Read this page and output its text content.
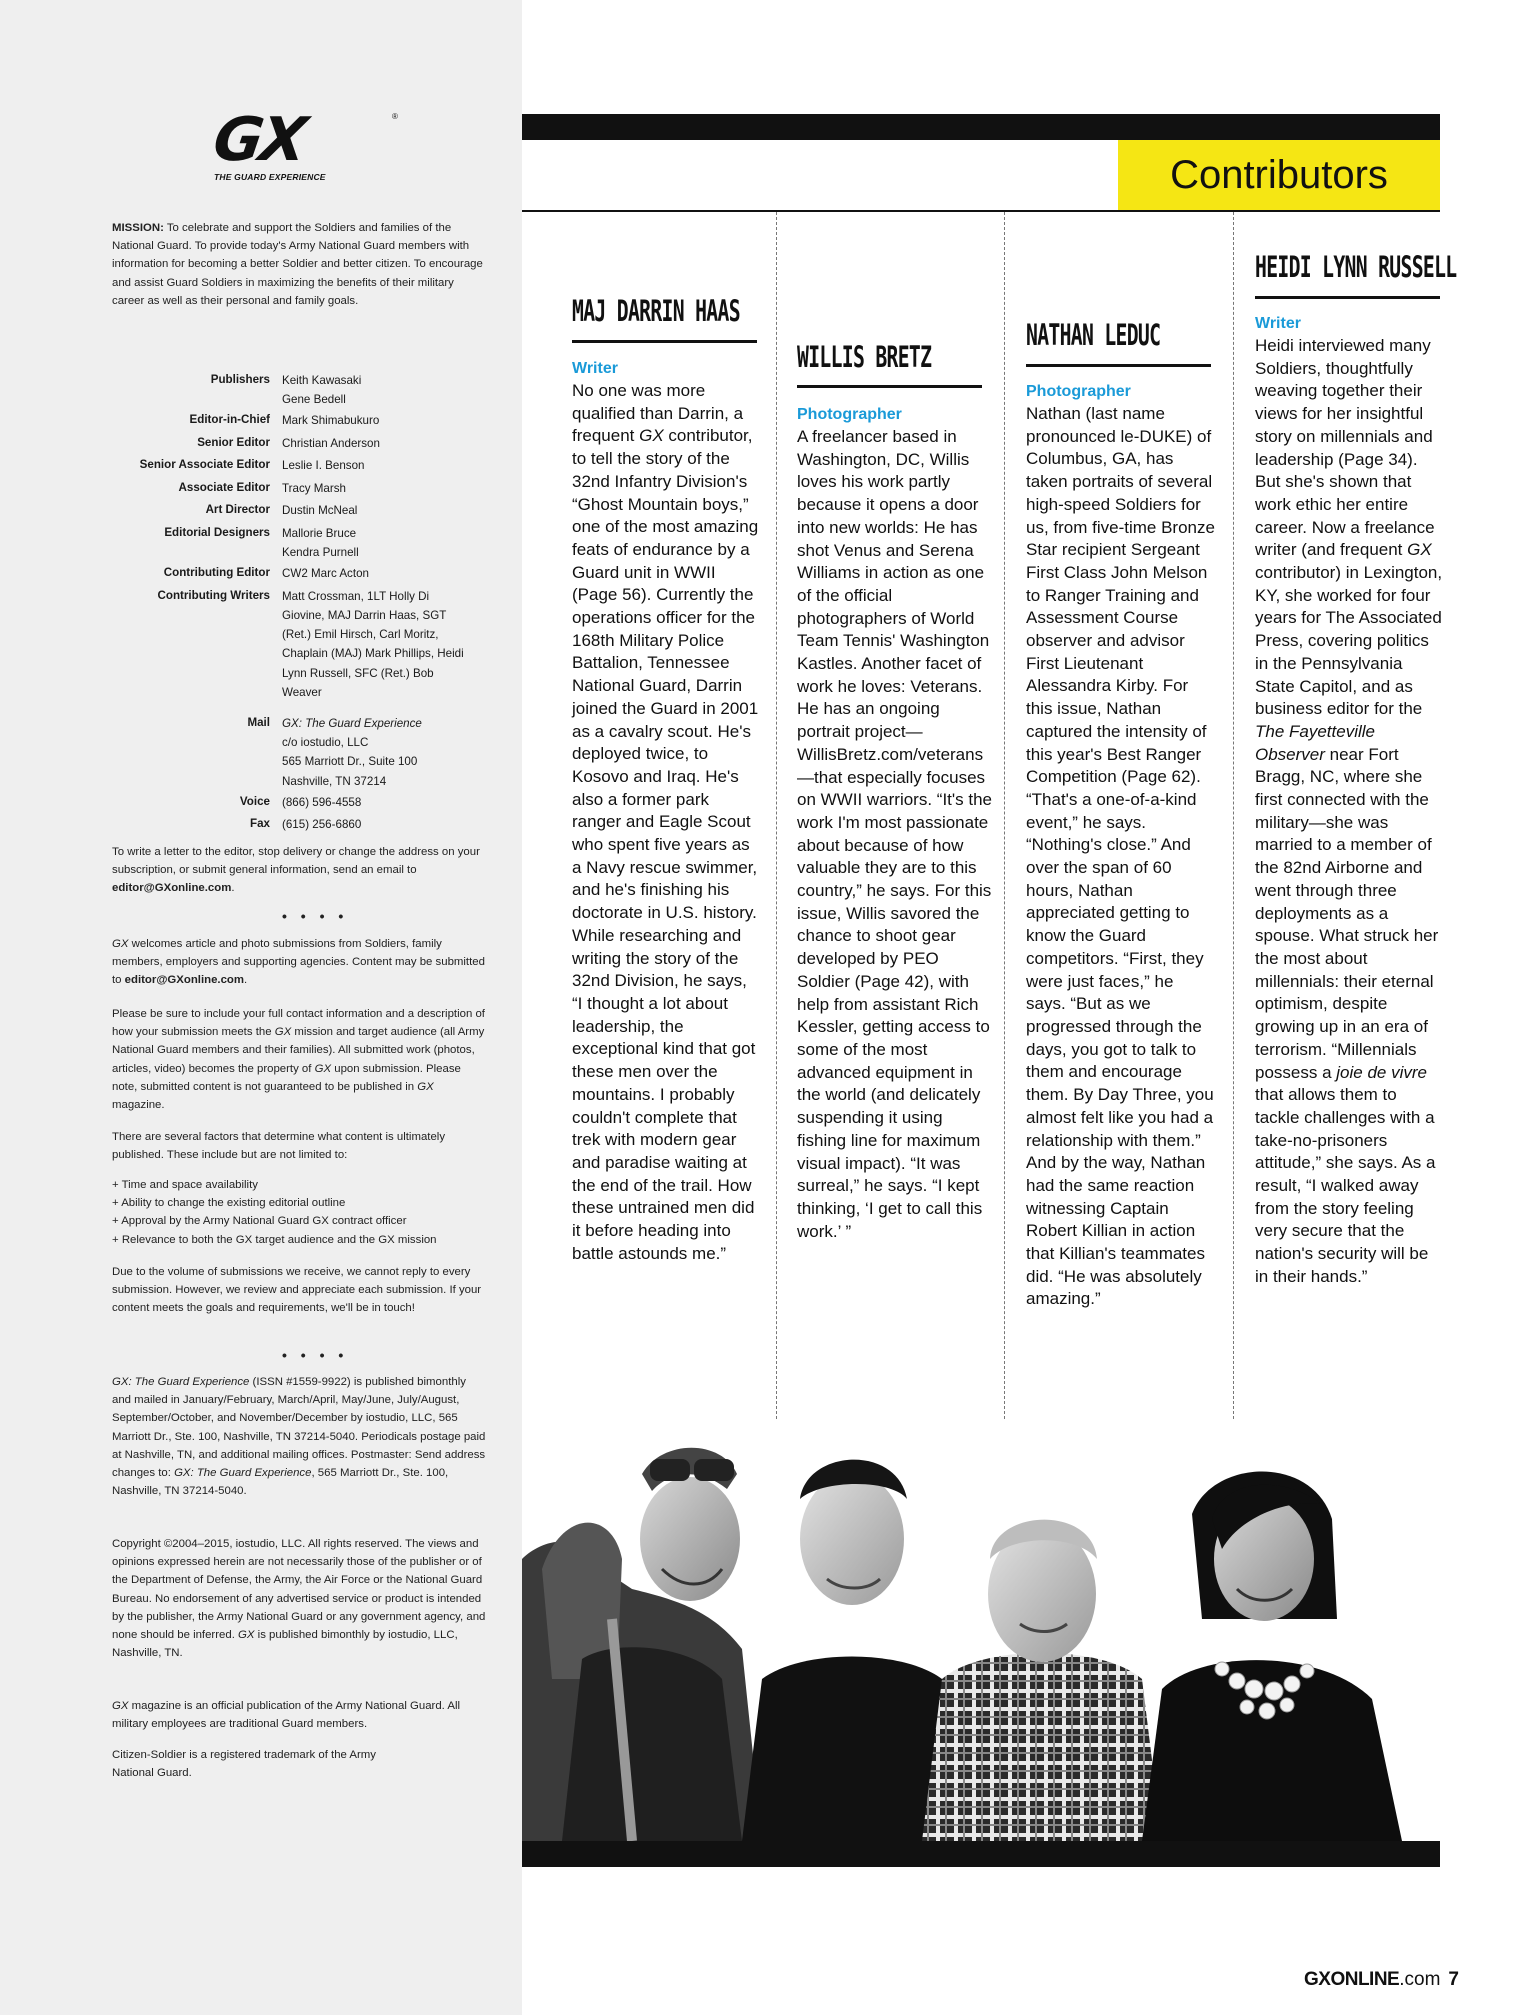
GX	®
THE GUARD EXPERIENCE

MISSION: To celebrate and support the Soldiers and families of the National Guard. To provide today's Army National Guard members with information for becoming a better Soldier and better citizen. To encourage and assist Guard Soldiers in maximizing the benefits of their military career as well as their personal and family goals.

Publishers	Keith Kawasaki
Gene Bedell
Editor-in-Chief	Mark Shimabukuro
Senior Editor	Christian Anderson
Senior Associate Editor	Leslie I. Benson
Associate Editor	Tracy Marsh
Art Director	Dustin McNeal
Editorial Designers	Mallorie Bruce
Kendra Purnell
Contributing Editor	CW2 Marc Acton
Contributing Writers	Matt Crossman, 1LT Holly Di
Giovine, MAJ Darrin Haas, SGT
(Ret.) Emil Hirsch, Carl Moritz,
Chaplain (MAJ) Mark Phillips, Heidi
Lynn Russell, SFC (Ret.) Bob
Weaver
Mail	GX: The Guard Experience
c/o iostudio, LLC
565 Marriott Dr., Suite 100
Nashville, TN 37214
Voice	(866) 596-4558
Fax	(615) 256-6860

To write a letter to the editor, stop delivery or change the address on your subscription, or submit general information, send an email to editor@GXonline.com.

• • • •

GX welcomes article and photo submissions from Soldiers, family members, employers and supporting agencies. Content may be submitted to editor@GXonline.com.

Please be sure to include your full contact information and a description of how your submission meets the GX mission and target audience (all Army National Guard members and their families). All submitted work (photos, articles, video) becomes the property of GX upon submission. Please note, submitted content is not guaranteed to be published in GX magazine.

There are several factors that determine what content is ultimately published. These include but are not limited to:

+ Time and space availability
+ Ability to change the existing editorial outline
+ Approval by the Army National Guard GX contract officer
+ Relevance to both the GX target audience and the GX mission

Due to the volume of submissions we receive, we cannot reply to every submission. However, we review and appreciate each submission. If your content meets the goals and requirements, we'll be in touch!

• • • •

GX: The Guard Experience (ISSN #1559-9922) is published bimonthly and mailed in January/February, March/April, May/June, July/August, September/October, and November/December by iostudio, LLC, 565 Marriott Dr., Ste. 100, Nashville, TN 37214-5040. Periodicals postage paid at Nashville, TN, and additional mailing offices. Postmaster: Send address changes to: GX: The Guard Experience, 565 Marriott Dr., Ste. 100, Nashville, TN 37214-5040.

Copyright ©2004–2015, iostudio, LLC. All rights reserved. The views and opinions expressed herein are not necessarily those of the publisher or of the Department of Defense, the Army, the Air Force or the National Guard Bureau. No endorsement of any advertised service or product is intended by the publisher, the Army National Guard or any government agency, and none should be inferred. GX is published bimonthly by iostudio, LLC, Nashville, TN.

GX magazine is an official publication of the Army National Guard. All military employees are traditional Guard members.

Citizen-Soldier is a registered trademark of the Army National Guard.

Contributors
MAJ DARRIN HAAS
Writer
No one was more qualified than Darrin, a frequent GX contributor, to tell the story of the 32nd Infantry Division's “Ghost Mountain boys,” one of the most amazing feats of endurance by a Guard unit in WWII (Page 56). Currently the operations officer for the 168th Military Police Battalion, Tennessee National Guard, Darrin joined the Guard in 2001 as a cavalry scout. He's deployed twice, to Kosovo and Iraq. He's also a former park ranger and Eagle Scout who spent five years as a Navy rescue swimmer, and he's finishing his doctorate in U.S. history. While researching and writing the story of the 32nd Division, he says, “I thought a lot about leadership, the exceptional kind that got these men over the mountains. I probably couldn't complete that trek with modern gear and paradise waiting at the end of the trail. How these untrained men did it before heading into battle astounds me.”
WILLIS BRETZ
Photographer
A freelancer based in Washington, DC, Willis loves his work partly because it opens a door into new worlds: He has shot Venus and Serena Williams in action as one of the official photographers of World Team Tennis' Washington Kastles. Another facet of work he loves: Veterans. He has an ongoing portrait project—WillisBretz.com/veterans—that especially focuses on WWII warriors. “It's the work I'm most passionate about because of how valuable they are to this country,” he says. For this issue, Willis savored the chance to shoot gear developed by PEO Soldier (Page 42), with help from assistant Rich Kessler, getting access to some of the most advanced equipment in the world (and delicately suspending it using fishing line for maximum visual impact). “It was surreal,” he says. “I kept thinking, ‘I get to call this work.’ ”
NATHAN LEDUC
Photographer
Nathan (last name pronounced le-DUKE) of Columbus, GA, has taken portraits of several high-speed Soldiers for us, from five-time Bronze Star recipient Sergeant First Class John Melson to Ranger Training and Assessment Course observer and advisor First Lieutenant Alessandra Kirby. For this issue, Nathan captured the intensity of this year's Best Ranger Competition (Page 62). “That's a one-of-a-kind event,” he says. “Nothing's close.” And over the span of 60 hours, Nathan appreciated getting to know the Guard competitors. “First, they were just faces,” he says. “But as we progressed through the days, you got to talk to them and encourage them. By Day Three, you almost felt like you had a relationship with them.” And by the way, Nathan had the same reaction witnessing Captain Robert Killian in action that Killian's teammates did. “He was absolutely amazing.”
HEIDI LYNN RUSSELL
Writer
Heidi interviewed many Soldiers, thoughtfully weaving together their views for her insightful story on millennials and leadership (Page 34). But she's shown that work ethic her entire career. Now a freelance writer (and frequent GX contributor) in Lexington, KY, she worked for four years for The Associated Press, covering politics in the Pennsylvania State Capitol, and as business editor for the The Fayetteville Observer near Fort Bragg, NC, where she first connected with the military—she was married to a member of the 82nd Airborne and went through three deployments as a spouse. What struck her the most about millennials: their eternal optimism, despite growing up in an era of terrorism. “Millennials possess a joie de vivre that allows them to tackle challenges with a take-no-prisoners attitude,” she says. As a result, “I walked away from the story feeling very secure that the nation's security will be in their hands.”
GXONLINE.com 7
